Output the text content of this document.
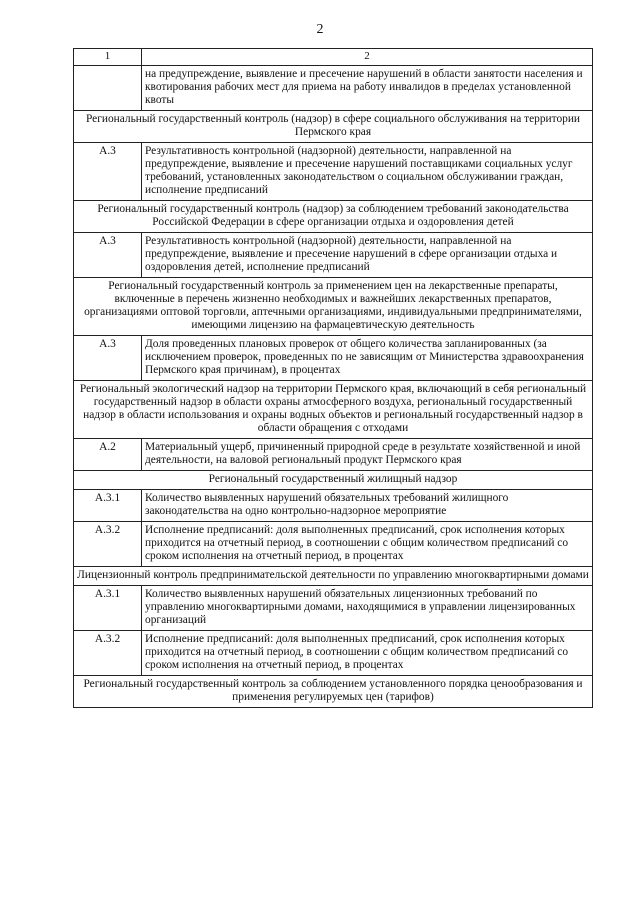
2
1	2
	на предупреждение, выявление и пресечение нарушений в области занятости населения и квотирования рабочих мест для приема на работу инвалидов в пределах установленной квоты
Региональный государственный контроль (надзор) в сфере социального обслуживания на территории Пермского края	
А.3	Результативность контрольной (надзорной) деятельности, направленной на предупреждение, выявление и пресечение нарушений поставщиками социальных услуг требований, установленных законодательством о социальном обслуживании граждан, исполнение предписаний
Региональный государственный контроль (надзор) за соблюдением требований законодательства Российской Федерации в сфере организации отдыха и оздоровления детей	
А.3	Результативность контрольной (надзорной) деятельности, направленной на предупреждение, выявление и пресечение нарушений в сфере организации отдыха и оздоровления детей, исполнение предписаний
Региональный государственный контроль за применением цен на лекарственные препараты, включенные в перечень жизненно необходимых и важнейших лекарственных препаратов, организациями оптовой торговли, аптечными организациями, индивидуальными предпринимателями, имеющими лицензию на фармацевтическую деятельность	
А.3	Доля проведенных плановых проверок от общего количества запланированных (за исключением проверок, проведенных по не зависящим от Министерства здравоохранения Пермского края причинам), в процентах
Региональный экологический надзор на территории Пермского края, включающий в себя региональный государственный надзор в области охраны атмосферного воздуха, региональный государственный надзор в области использования и охраны водных объектов и региональный государственный надзор в области обращения с отходами	
А.2	Материальный ущерб, причиненный природной среде в результате хозяйственной и иной деятельности, на валовой региональный продукт Пермского края
Региональный государственный жилищный надзор	
А.3.1	Количество выявленных нарушений обязательных требований жилищного законодательства на одно контрольно-надзорное мероприятие
А.3.2	Исполнение предписаний: доля выполненных предписаний, срок исполнения которых приходится на отчетный период, в соотношении с общим количеством предписаний со сроком исполнения на отчетный период, в процентах
Лицензионный контроль предпринимательской деятельности по управлению многоквартирными домами	
А.3.1	Количество выявленных нарушений обязательных лицензионных требований по управлению многоквартирными домами, находящимися в управлении лицензированных организаций
А.3.2	Исполнение предписаний: доля выполненных предписаний, срок исполнения которых приходится на отчетный период, в соотношении с общим количеством предписаний со сроком исполнения на отчетный период, в процентах
Региональный государственный контроль за соблюдением установленного порядка ценообразования и применения регулируемых цен (тарифов)	
